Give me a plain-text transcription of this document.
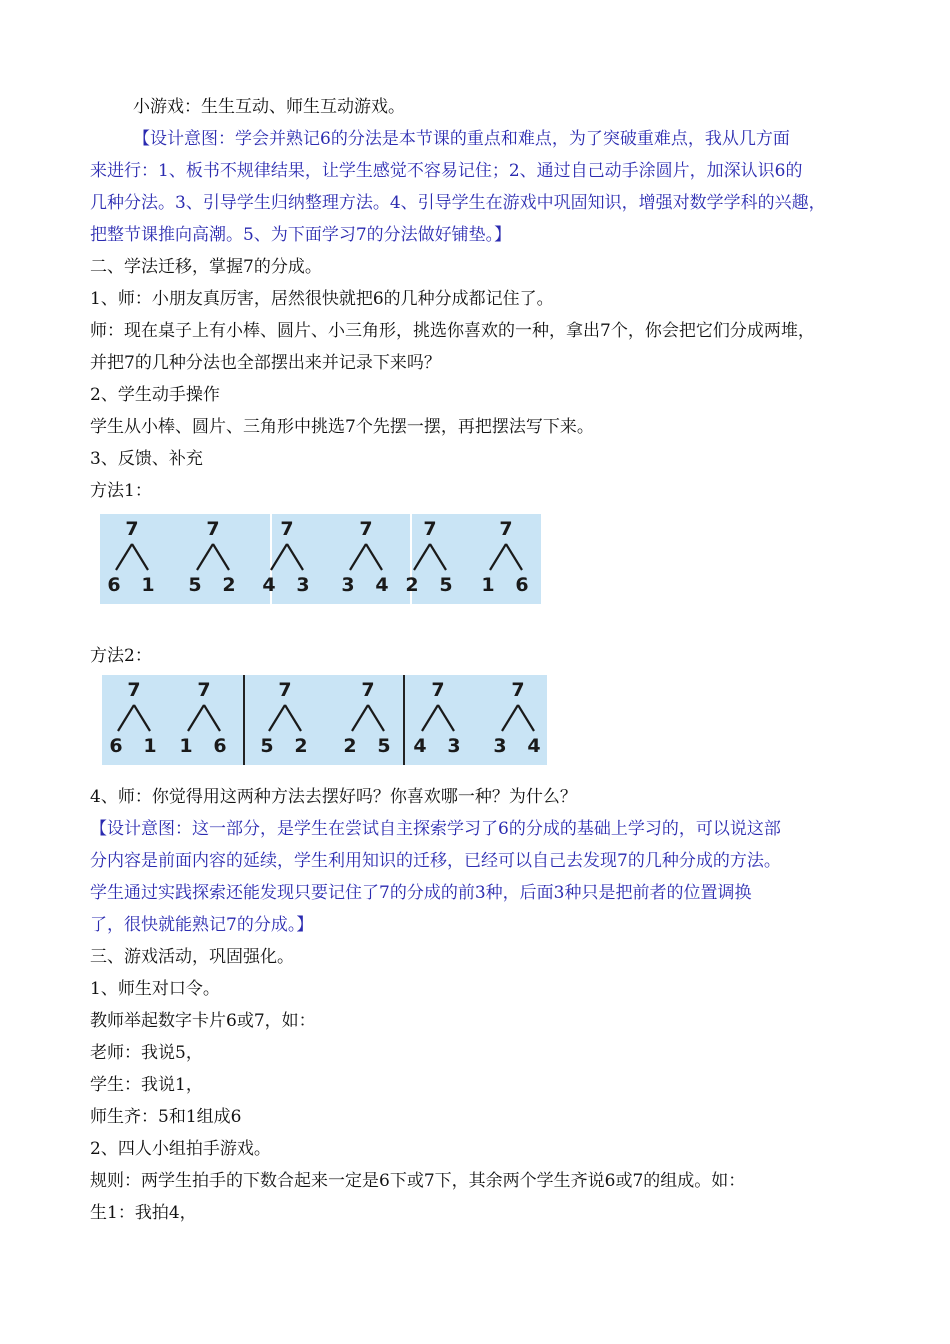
小游戏：生生互动、师生互动游戏。
【设计意图：学会并熟记6的分法是本节课的重点和难点，为了突破重难点，我从几方面
来进行：1、板书不规律结果，让学生感觉不容易记住；2、通过自己动手涂圆片，加深认识6的
几种分法。3、引导学生归纳整理方法。4、引导学生在游戏中巩固知识，增强对数学学科的兴趣，
把整节课推向高潮。5、为下面学习7的分法做好铺垫。】
二、学法迁移，掌握7的分成。
1、师：小朋友真厉害，居然很快就把6的几种分成都记住了。
师：现在桌子上有小棒、圆片、小三角形，挑选你喜欢的一种，拿出7个，你会把它们分成两堆，
并把7的几种分法也全部摆出来并记录下来吗？
2、学生动手操作
学生从小棒、圆片、三角形中挑选7个先摆一摆，再把摆法写下来。
3、反馈、补充
方法1：
7
6 1
7
5 2
7
4 3
7
3 4
7
2 5
7
1 6
方法2：
7
6 1
7
1 6
7
5 2
7
2 5
7
4 3
7
3 4
4、师：你觉得用这两种方法去摆好吗？你喜欢哪一种？为什么？
【设计意图：这一部分，是学生在尝试自主探索学习了6的分成的基础上学习的，可以说这部
分内容是前面内容的延续，学生利用知识的迁移，已经可以自己去发现7的几种分成的方法。
学生通过实践探索还能发现只要记住了7的分成的前3种，后面3种只是把前者的位置调换
了，很快就能熟记7的分成。】
三、游戏活动，巩固强化。
1、师生对口令。
教师举起数字卡片6或7，如：
老师：我说5，
学生：我说1，
师生齐：5和1组成6
2、四人小组拍手游戏。
规则：两学生拍手的下数合起来一定是6下或7下，其余两个学生齐说6或7的组成。如：
生1：我拍4，
